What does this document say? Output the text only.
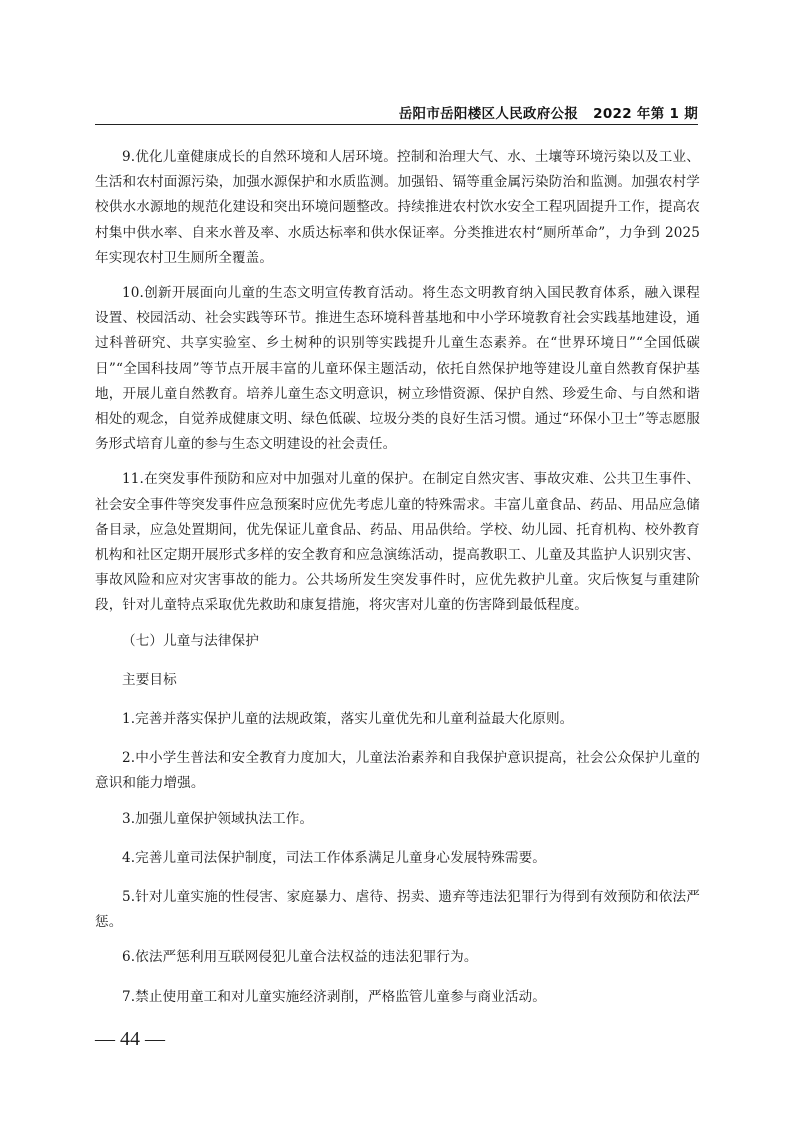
岳阳市岳阳楼区人民政府公报 2022 年第 1 期

9.优化儿童健康成长的自然环境和人居环境。控制和治理大气、水、土壤等环境污染以及工业、生活和农村面源污染，加强水源保护和水质监测。加强铅、镉等重金属污染防治和监测。加强农村学校供水水源地的规范化建设和突出环境问题整改。持续推进农村饮水安全工程巩固提升工作，提高农村集中供水率、自来水普及率、水质达标率和供水保证率。分类推进农村“厕所革命”，力争到 2025 年实现农村卫生厕所全覆盖。

10.创新开展面向儿童的生态文明宣传教育活动。将生态文明教育纳入国民教育体系，融入课程设置、校园活动、社会实践等环节。推进生态环境科普基地和中小学环境教育社会实践基地建设，通过科普研究、共享实验室、乡土树种的识别等实践提升儿童生态素养。在“世界环境日”“全国低碳日”“全国科技周”等节点开展丰富的儿童环保主题活动，依托自然保护地等建设儿童自然教育保护基地，开展儿童自然教育。培养儿童生态文明意识，树立珍惜资源、保护自然、珍爱生命、与自然和谐相处的观念，自觉养成健康文明、绿色低碳、垃圾分类的良好生活习惯。通过“环保小卫士”等志愿服务形式培育儿童的参与生态文明建设的社会责任。

11.在突发事件预防和应对中加强对儿童的保护。在制定自然灾害、事故灾难、公共卫生事件、社会安全事件等突发事件应急预案时应优先考虑儿童的特殊需求。丰富儿童食品、药品、用品应急储备目录，应急处置期间，优先保证儿童食品、药品、用品供给。学校、幼儿园、托育机构、校外教育机构和社区定期开展形式多样的安全教育和应急演练活动，提高教职工、儿童及其监护人识别灾害、事故风险和应对灾害事故的能力。公共场所发生突发事件时，应优先救护儿童。灾后恢复与重建阶段，针对儿童特点采取优先救助和康复措施，将灾害对儿童的伤害降到最低程度。

（七）儿童与法律保护

主要目标

1.完善并落实保护儿童的法规政策，落实儿童优先和儿童利益最大化原则。

2.中小学生普法和安全教育力度加大，儿童法治素养和自我保护意识提高，社会公众保护儿童的意识和能力增强。

3.加强儿童保护领域执法工作。

4.完善儿童司法保护制度，司法工作体系满足儿童身心发展特殊需要。

5.针对儿童实施的性侵害、家庭暴力、虐待、拐卖、遗弃等违法犯罪行为得到有效预防和依法严惩。

6.依法严惩利用互联网侵犯儿童合法权益的违法犯罪行为。

7.禁止使用童工和对儿童实施经济剥削，严格监管儿童参与商业活动。

— 44 —
